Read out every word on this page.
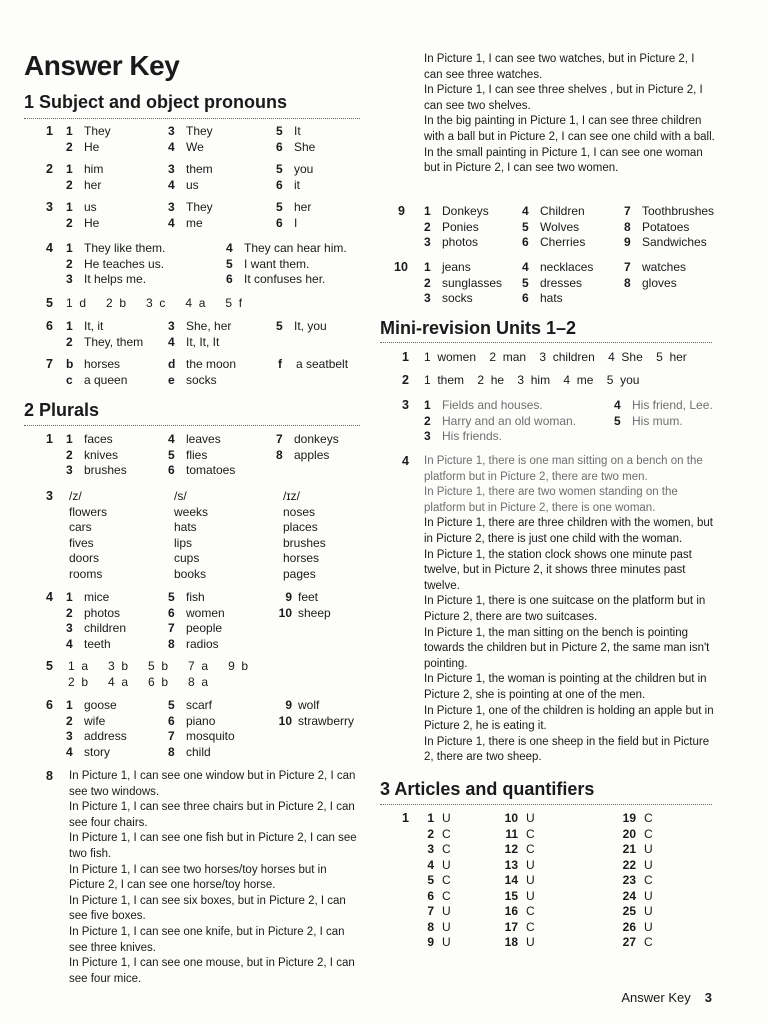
Answer Key
1 Subject and object pronouns
1 1 They
2 He
3 They
4 We
5 It
6 She
2 1 him
2 her
3 them
4 us
5 you
6 it
3 1 us
2 He
3 They
4 me
5 her
6 I
4 1 They like them.
2 He teaches us.
3 It helps me.
4 They can hear him.
5 I want them.
6 It confuses her.
5 1  d      2  b      3  c      4  a      5  f
6 1 It, it
2 They, them
3 She, her
4 It, It, It
5 It, you
7 b horses
c a queen
d the moon
e socks
f a seatbelt
2 Plurals
1 1 faces
2 knives
3 brushes
4 leaves
5 flies
6 tomatoes
7 donkeys
8 apples
3 /z/
flowers
cars
fives
doors
rooms
/s/
weeks
hats
lips
cups
books
/ɪz/
noses
places
brushes
horses
pages
4 1 mice
2 photos
3 children
4 teeth
5 fish
6 women
7 people
8 radios
9 feet
10 sheep
5 1  a      3  b      5  b      7  a      9  b
2  b      4  a      6  b      8  a
6 1 goose
2 wife
3 address
4 story
5 scarf
6 piano
7 mosquito
8 child
9 wolf
10 strawberry
8 In Picture 1, I can see one window but in Picture 2, I can see two windows.

In Picture 1, I can see three chairs but in Picture 2, I can see four chairs.

In Picture 1, I can see one fish but in Picture 2, I can see two fish.

In Picture 1, I can see two horses/toy horses but in Picture 2, I can see one horse/toy horse.

In Picture 1, I can see six boxes, but in Picture 2, I can see five boxes.

In Picture 1, I can see one knife, but in Picture 2, I can see three knives.

In Picture 1, I can see one mouse, but in Picture 2, I can see four mice.

In Picture 1, I can see two watches, but in Picture 2, I can see three watches.

In Picture 1, I can see three shelves , but in Picture 2, I can see two shelves.

In the big painting in Picture 1, I can see three children with a ball but in Picture 2, I can see one child with a ball.

In the small painting in Picture 1, I can see one woman but in Picture 2, I can see two women.

9 1 Donkeys
2 Ponies
3 photos
4 Children
5 Wolves
6 Cherries
7 Toothbrushes
8 Potatoes
9 Sandwiches
10 1 jeans
2 sunglasses
3 socks
4 necklaces
5 dresses
6 hats
7 watches
8 gloves
Mini-revision Units 1–2
1 1  women    2  man    3  children    4  She    5  her
2 1  them    2  he    3  him    4  me    5  you
3 1 Fields and houses.
2 Harry and an old woman.
3 His friends.
4 His friend, Lee.
5 His mum.
4 In Picture 1, there is one man sitting on a bench on the platform but in Picture 2, there are two men.

In Picture 1, there are two women standing on the platform but in Picture 2, there is one woman.

In Picture 1, there are three children with the women, but in Picture 2, there is just one child with the woman.

In Picture 1, the station clock shows one minute past twelve, but in Picture 2, it shows three minutes past twelve.

In Picture 1, there is one suitcase on the platform but in Picture 2, there are two suitcases.

In Picture 1, the man sitting on the bench is pointing towards the children but in Picture 2, the same man isn't pointing.

In Picture 1, the woman is pointing at the children but in Picture 2, she is pointing at one of the men.

In Picture 1, one of the children is holding an apple but in Picture 2, he is eating it.

In Picture 1, there is one sheep in the field but in Picture 2, there are two sheep.

3 Articles and quantifiers
1	1 U
2 C
3 C
4 U
5 C
6 C
7 U
8 U
9 U
10 U
11 C
12 C
13 U
14 U
15 U
16 C
17 C
18 U
19 C
20 C
21 U
22 U
23 C
24 U
25 U
26 U
27 C
Answer Key 3
